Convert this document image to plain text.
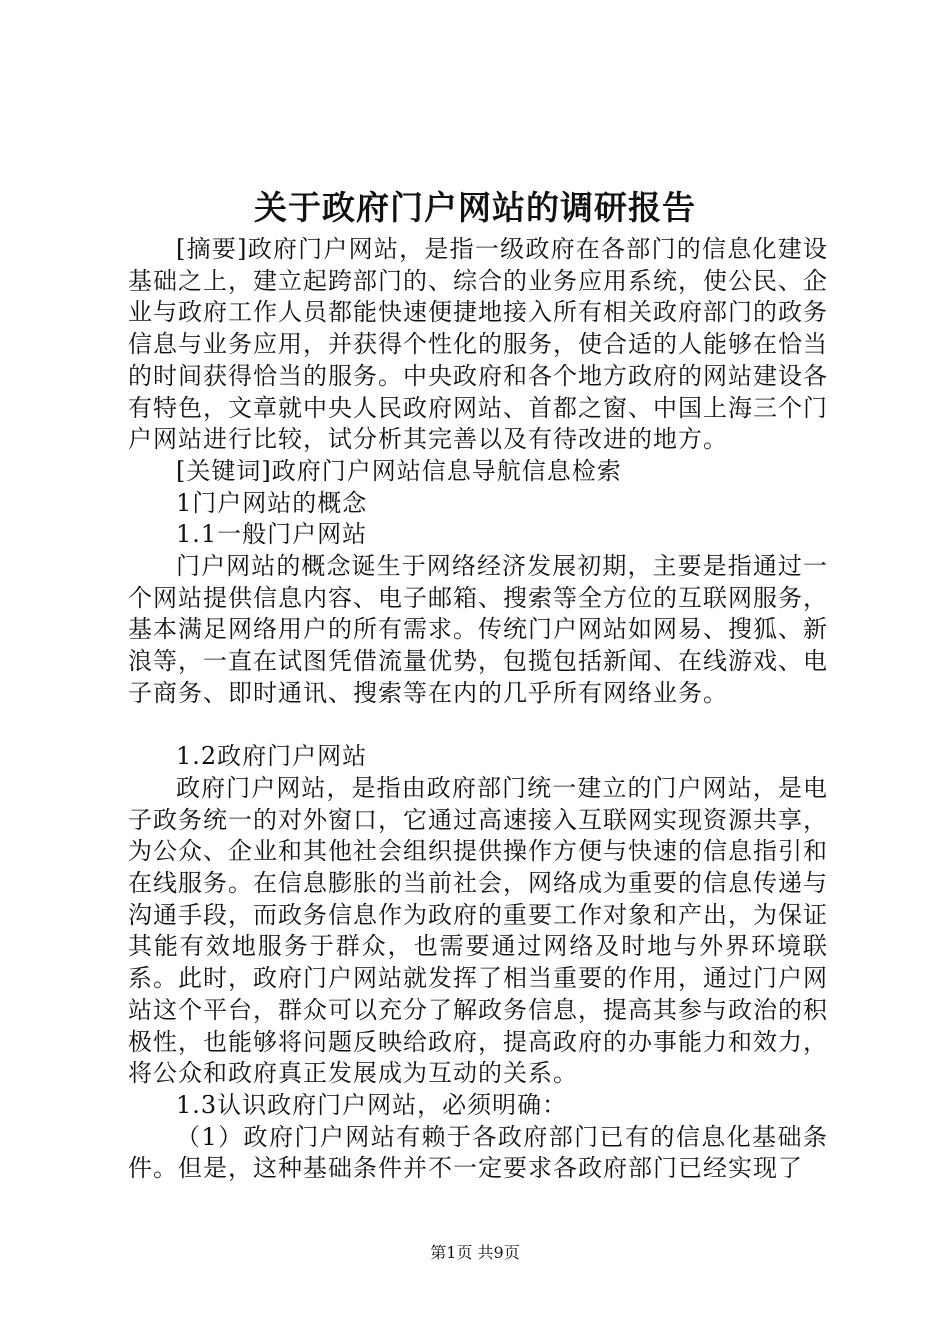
关于政府门户网站的调研报告

[摘要]政府门户网站，是指一级政府在各部门的信息化建设基础之上，建立起跨部门的、综合的业务应用系统，使公民、企业与政府工作人员都能快速便捷地接入所有相关政府部门的政务信息与业务应用，并获得个性化的服务，使合适的人能够在恰当的时间获得恰当的服务。中央政府和各个地方政府的网站建设各有特色，文章就中央人民政府网站、首都之窗、中国上海三个门户网站进行比较，试分析其完善以及有待改进的地方。

[关键词]政府门户网站信息导航信息检索

1门户网站的概念

1.1一般门户网站

门户网站的概念诞生于网络经济发展初期，主要是指通过一个网站提供信息内容、电子邮箱、搜索等全方位的互联网服务，基本满足网络用户的所有需求。传统门户网站如网易、搜狐、新浪等，一直在试图凭借流量优势，包揽包括新闻、在线游戏、电子商务、即时通讯、搜索等在内的几乎所有网络业务。

1.2政府门户网站

政府门户网站，是指由政府部门统一建立的门户网站，是电子政务统一的对外窗口，它通过高速接入互联网实现资源共享，为公众、企业和其他社会组织提供操作方便与快速的信息指引和在线服务。在信息膨胀的当前社会，网络成为重要的信息传递与沟通手段，而政务信息作为政府的重要工作对象和产出，为保证其能有效地服务于群众，也需要通过网络及时地与外界环境联系。此时，政府门户网站就发挥了相当重要的作用，通过门户网站这个平台，群众可以充分了解政务信息，提高其参与政治的积极性，也能够将问题反映给政府，提高政府的办事能力和效力，将公众和政府真正发展成为互动的关系。

1.3认识政府门户网站，必须明确：

（1）政府门户网站有赖于各政府部门已有的信息化基础条件。但是，这种基础条件并不一定要求各政府部门已经实现了

第1页 共9页
